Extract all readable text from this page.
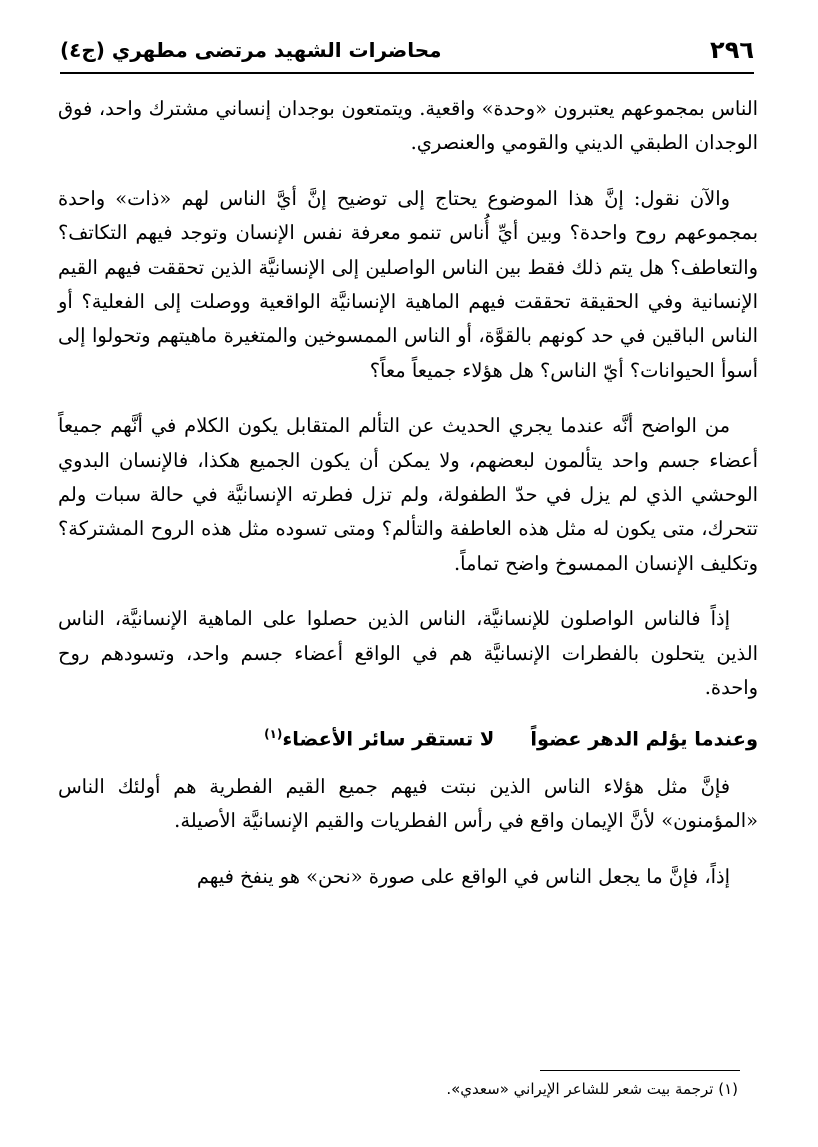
٢٩٦
محاضرات الشهيد مرتضى مطهري (ج٤)

الناس بمجموعهم يعتبرون «وحدة» واقعية. ويتمتعون بوجدان إنساني مشترك واحد، فوق الوجدان الطبقي الديني والقومي والعنصري.

والآن نقول: إنَّ هذا الموضوع يحتاج إلى توضيح إنَّ أيَّ الناس لهم «ذات» واحدة بمجموعهم روح واحدة؟ وبين أيِّ أُناس تنمو معرفة نفس الإنسان وتوجد فيهم التكاتف؟ والتعاطف؟ هل يتم ذلك فقط بين الناس الواصلين إلى الإنسانيَّة الذين تحققت فيهم القيم الإنسانية وفي الحقيقة تحققت فيهم الماهية الإنسانيَّة الواقعية ووصلت إلى الفعلية؟ أو الناس الباقين في حد كونهم بالقوَّة، أو الناس الممسوخين والمتغيرة ماهيتهم وتحولوا إلى أسوأ الحيوانات؟ أيّ الناس؟ هل هؤلاء جميعاً معاً؟

من الواضح أنَّه عندما يجري الحديث عن التألم المتقابل يكون الكلام في أنَّهم جميعاً أعضاء جسم واحد يتألمون لبعضهم، ولا يمكن أن يكون الجميع هكذا، فالإنسان البدوي الوحشي الذي لم يزل في حدّ الطفولة، ولم تزل فطرته الإنسانيَّة في حالة سبات ولم تتحرك، متى يكون له مثل هذه العاطفة والتألم؟ ومتى تسوده مثل هذه الروح المشتركة؟ وتكليف الإنسان الممسوخ واضح تماماً.

إذاً فالناس الواصلون للإنسانيَّة، الناس الذين حصلوا على الماهية الإنسانيَّة، الناس الذين يتحلون بالفطرات الإنسانيَّة هم في الواقع أعضاء جسم واحد، وتسودهم روح واحدة.

وعندما يؤلم الدهر عضواًلا تستقر سائر الأعضاء$^{(١)}$

فإنَّ مثل هؤلاء الناس الذين نبتت فيهم جميع القيم الفطرية هم أولئك الناس «المؤمنون» لأنَّ الإيمان واقع في رأس الفطريات والقيم الإنسانيَّة الأصيلة.

إذاً، فإنَّ ما يجعل الناس في الواقع على صورة «نحن» هو ينفخ فيهم

(١) ترجمة بيت شعر للشاعر الإيراني «سعدي».
